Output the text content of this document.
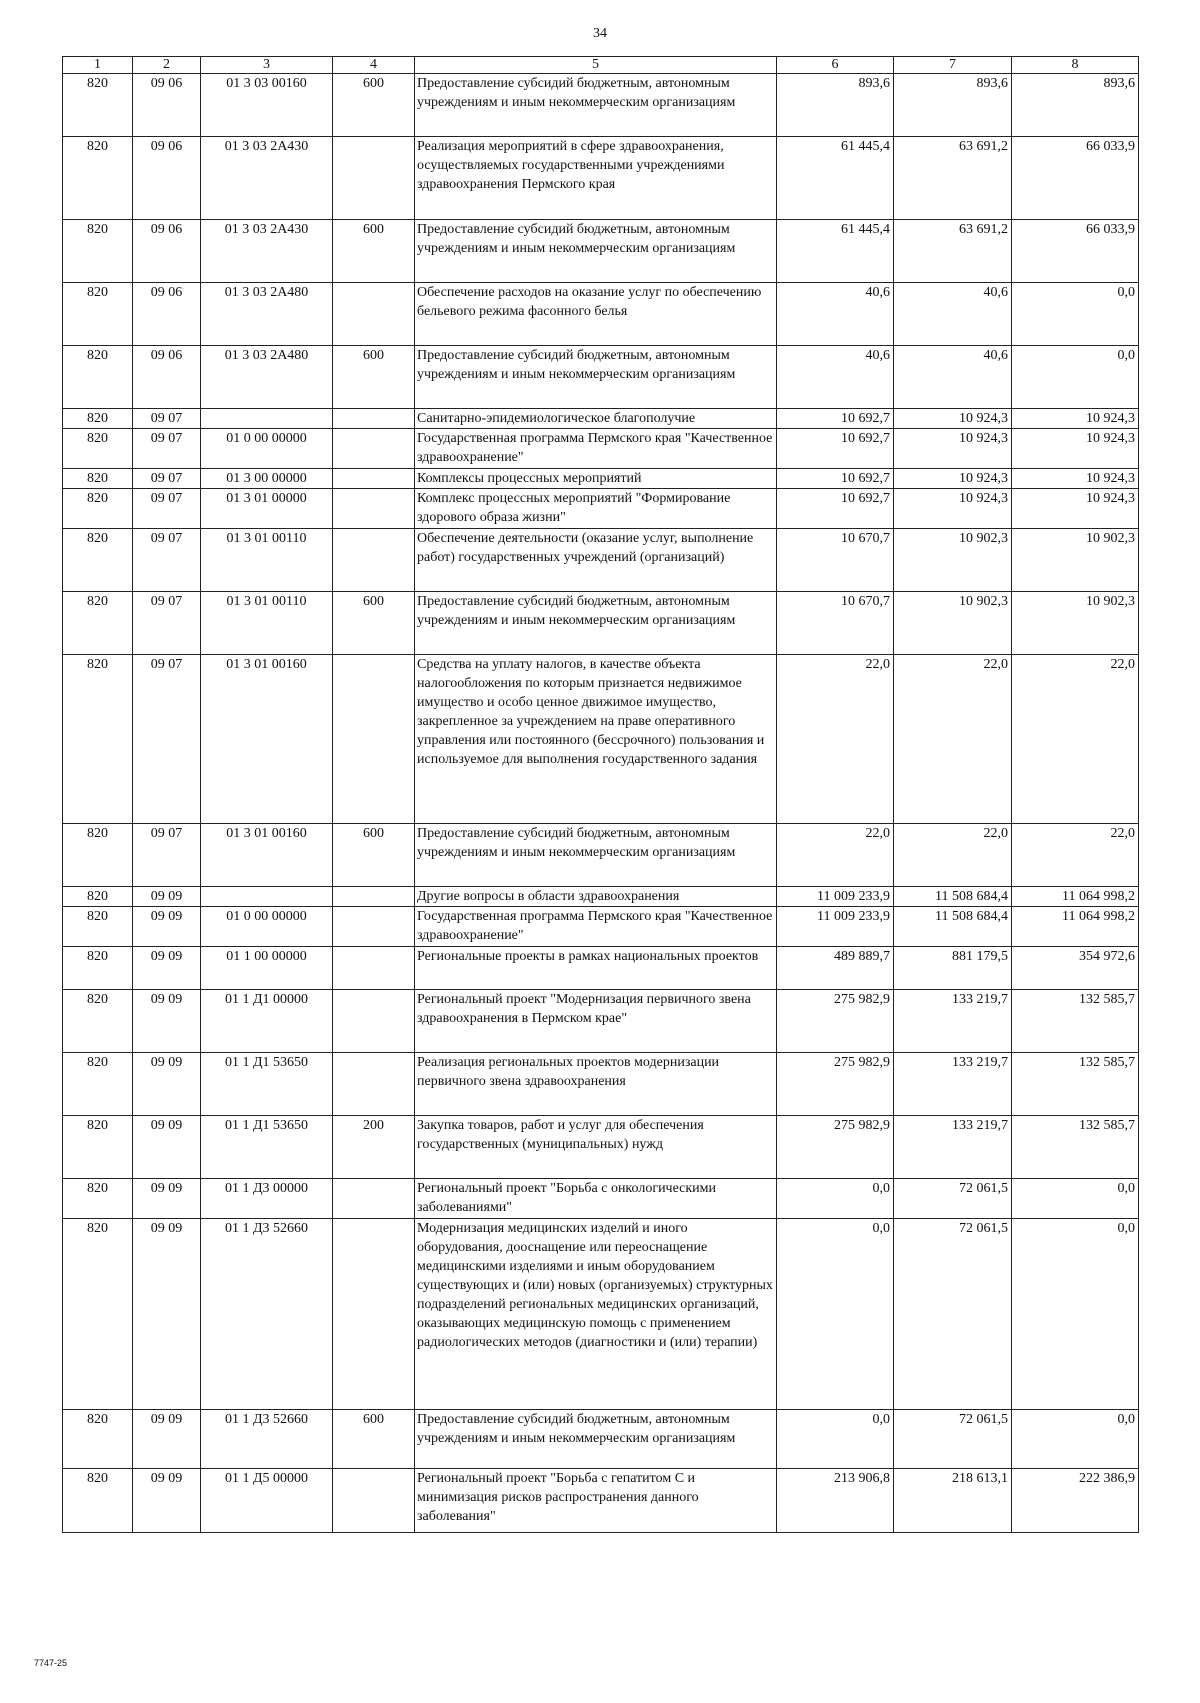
34
1	2	3	4	5	6	7	8
820	09 06	01 3 03 00160	600	Предоставление субсидий бюджетным, автономным учреждениям и иным некоммерческим организациям	893,6	893,6	893,6
820	09 06	01 3 03 2А430		Реализация мероприятий в сфере здравоохранения, осуществляемых государственными учреждениями здравоохранения Пермского края	61 445,4	63 691,2	66 033,9
820	09 06	01 3 03 2А430	600	Предоставление субсидий бюджетным, автономным учреждениям и иным некоммерческим организациям	61 445,4	63 691,2	66 033,9
820	09 06	01 3 03 2А480		Обеспечение расходов на оказание услуг по обеспечению бельевого режима фасонного белья	40,6	40,6	0,0
820	09 06	01 3 03 2А480	600	Предоставление субсидий бюджетным, автономным учреждениям и иным некоммерческим организациям	40,6	40,6	0,0
820	09 07			Санитарно-эпидемиологическое благополучие	10 692,7	10 924,3	10 924,3
820	09 07	01 0 00 00000		Государственная программа Пермского края "Качественное здравоохранение"	10 692,7	10 924,3	10 924,3
820	09 07	01 3 00 00000		Комплексы процессных мероприятий	10 692,7	10 924,3	10 924,3
820	09 07	01 3 01 00000		Комплекс процессных мероприятий "Формирование здорового образа жизни"	10 692,7	10 924,3	10 924,3
820	09 07	01 3 01 00110		Обеспечение деятельности (оказание услуг, выполнение работ) государственных учреждений (организаций)	10 670,7	10 902,3	10 902,3
820	09 07	01 3 01 00110	600	Предоставление субсидий бюджетным, автономным учреждениям и иным некоммерческим организациям	10 670,7	10 902,3	10 902,3
820	09 07	01 3 01 00160		Средства на уплату налогов, в качестве объекта налогообложения по которым признается недвижимое имущество и особо ценное движимое имущество, закрепленное за учреждением на праве оперативного управления или постоянного (бессрочного) пользования и используемое для выполнения государственного задания	22,0	22,0	22,0
820	09 07	01 3 01 00160	600	Предоставление субсидий бюджетным, автономным учреждениям и иным некоммерческим организациям	22,0	22,0	22,0
820	09 09			Другие вопросы в области здравоохранения	11 009 233,9	11 508 684,4	11 064 998,2
820	09 09	01 0 00 00000		Государственная программа Пермского края "Качественное здравоохранение"	11 009 233,9	11 508 684,4	11 064 998,2
820	09 09	01 1 00 00000		Региональные проекты в рамках национальных проектов	489 889,7	881 179,5	354 972,6
820	09 09	01 1 Д1 00000		Региональный проект "Модернизация первичного звена здравоохранения в Пермском крае"	275 982,9	133 219,7	132 585,7
820	09 09	01 1 Д1 53650		Реализация региональных проектов модернизации первичного звена здравоохранения	275 982,9	133 219,7	132 585,7
820	09 09	01 1 Д1 53650	200	Закупка товаров, работ и услуг для обеспечения государственных (муниципальных) нужд	275 982,9	133 219,7	132 585,7
820	09 09	01 1 Д3 00000		Региональный проект "Борьба с онкологическими заболеваниями"	0,0	72 061,5	0,0
820	09 09	01 1 Д3 52660		Модернизация медицинских изделий и иного оборудования, дооснащение или переоснащение медицинскими изделиями и иным оборудованием существующих и (или) новых (организуемых) структурных подразделений региональных медицинских организаций, оказывающих медицинскую помощь с применением радиологических методов (диагностики и (или) терапии)	0,0	72 061,5	0,0
820	09 09	01 1 Д3 52660	600	Предоставление субсидий бюджетным, автономным учреждениям и иным некоммерческим организациям	0,0	72 061,5	0,0
820	09 09	01 1 Д5 00000		Региональный проект "Борьба с гепатитом С и минимизация рисков распространения данного заболевания"	213 906,8	218 613,1	222 386,9
7747-25
